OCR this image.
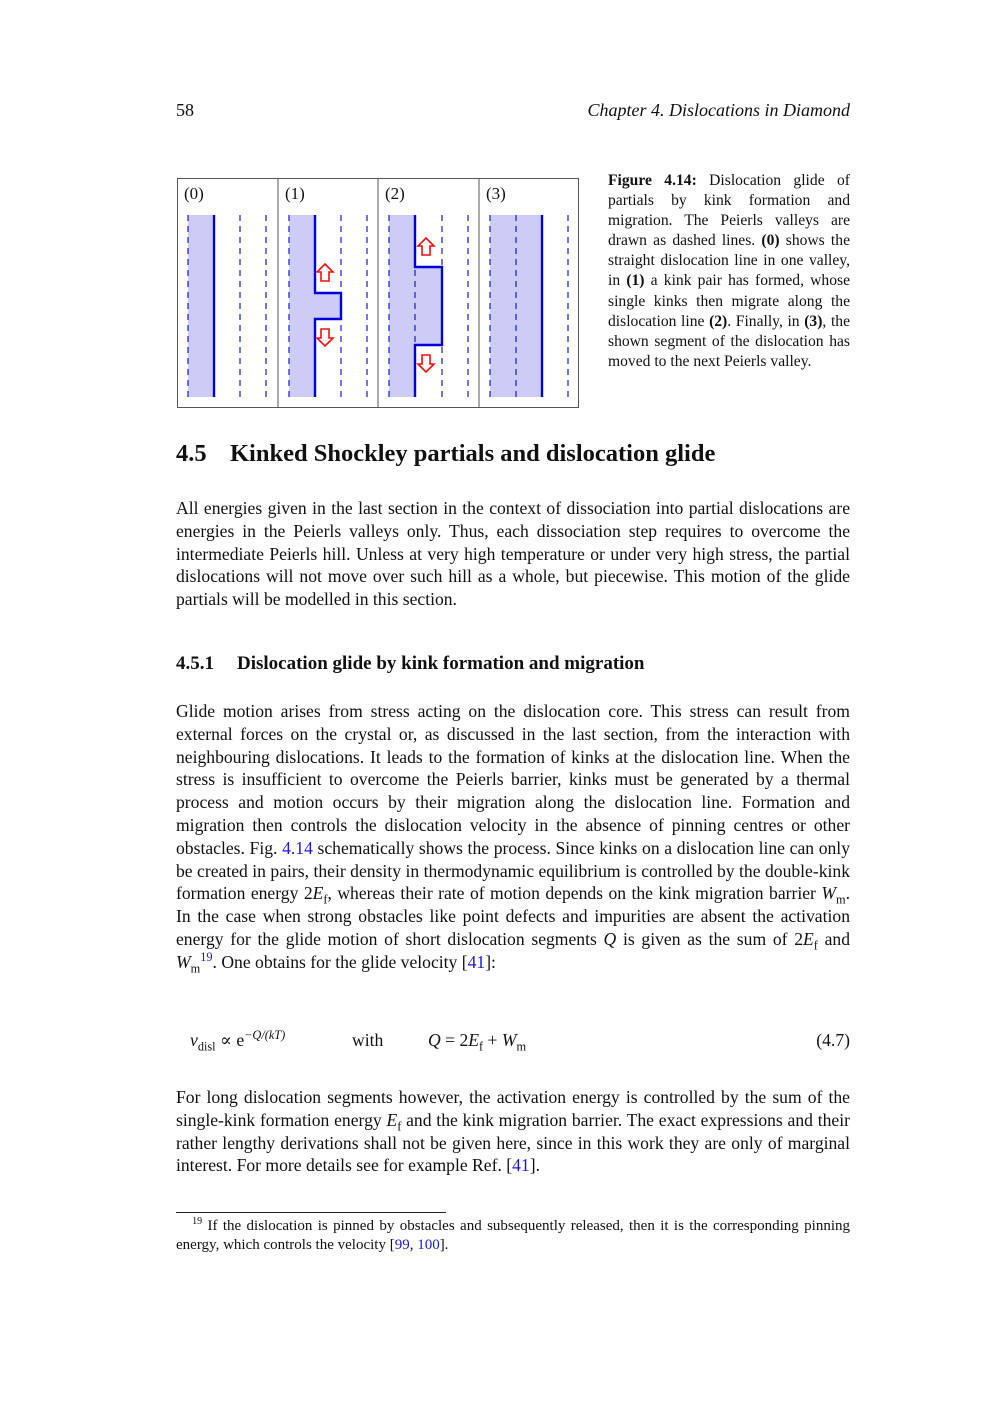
58	Chapter 4. Dislocations in Diamond
(0)	(1)	(2)	(3)
Figure 4.14: Dislocation glide of partials by kink formation and migration. The Peierls valleys are drawn as dashed lines. (0) shows the straight dislocation line in one valley, in (1) a kink pair has formed, whose single kinks then migrate along the dislocation line (2). Finally, in (3), the shown segment of the dislocation has moved to the next Peierls valley.
4.5 Kinked Shockley partials and dislocation glide
All energies given in the last section in the context of dissociation into partial dislocations are energies in the Peierls valleys only. Thus, each dissociation step requires to overcome the intermediate Peierls hill. Unless at very high temperature or under very high stress, the partial dislocations will not move over such hill as a whole, but piecewise. This motion of the glide partials will be modelled in this section.
4.5.1 Dislocation glide by kink formation and migration
Glide motion arises from stress acting on the dislocation core. This stress can result from external forces on the crystal or, as discussed in the last section, from the interaction with neighbouring dislocations. It leads to the formation of kinks at the dislocation line. When the stress is insufficient to overcome the Peierls barrier, kinks must be generated by a thermal process and motion occurs by their migration along the dislocation line. Formation and migration then controls the dislocation velocity in the absence of pinning centres or other obstacles. Fig. 4.14 schematically shows the process. Since kinks on a dislocation line can only be created in pairs, their density in thermodynamic equilibrium is controlled by the double-kink formation energy $2E_f$, whereas their rate of motion depends on the kink migration barrier $W_m$. In the case when strong obstacles like point defects and impurities are absent the activation energy for the glide motion of short dislocation segments Q is given as the sum of $2E_f$ and $W_m^{19}$. One obtains for the glide velocity [41]:
$v_{disl} \propto e^{-Q/(kT)}$	with	$Q = 2E_f + W_m$	(4.7)
For long dislocation segments however, the activation energy is controlled by the sum of the single-kink formation energy $E_f$ and the kink migration barrier. The exact expressions and their rather lengthy derivations shall not be given here, since in this work they are only of marginal interest. For more details see for example Ref. [41].
$^{19}$ If the dislocation is pinned by obstacles and subsequently released, then it is the corresponding pinning energy, which controls the velocity [99, 100].
